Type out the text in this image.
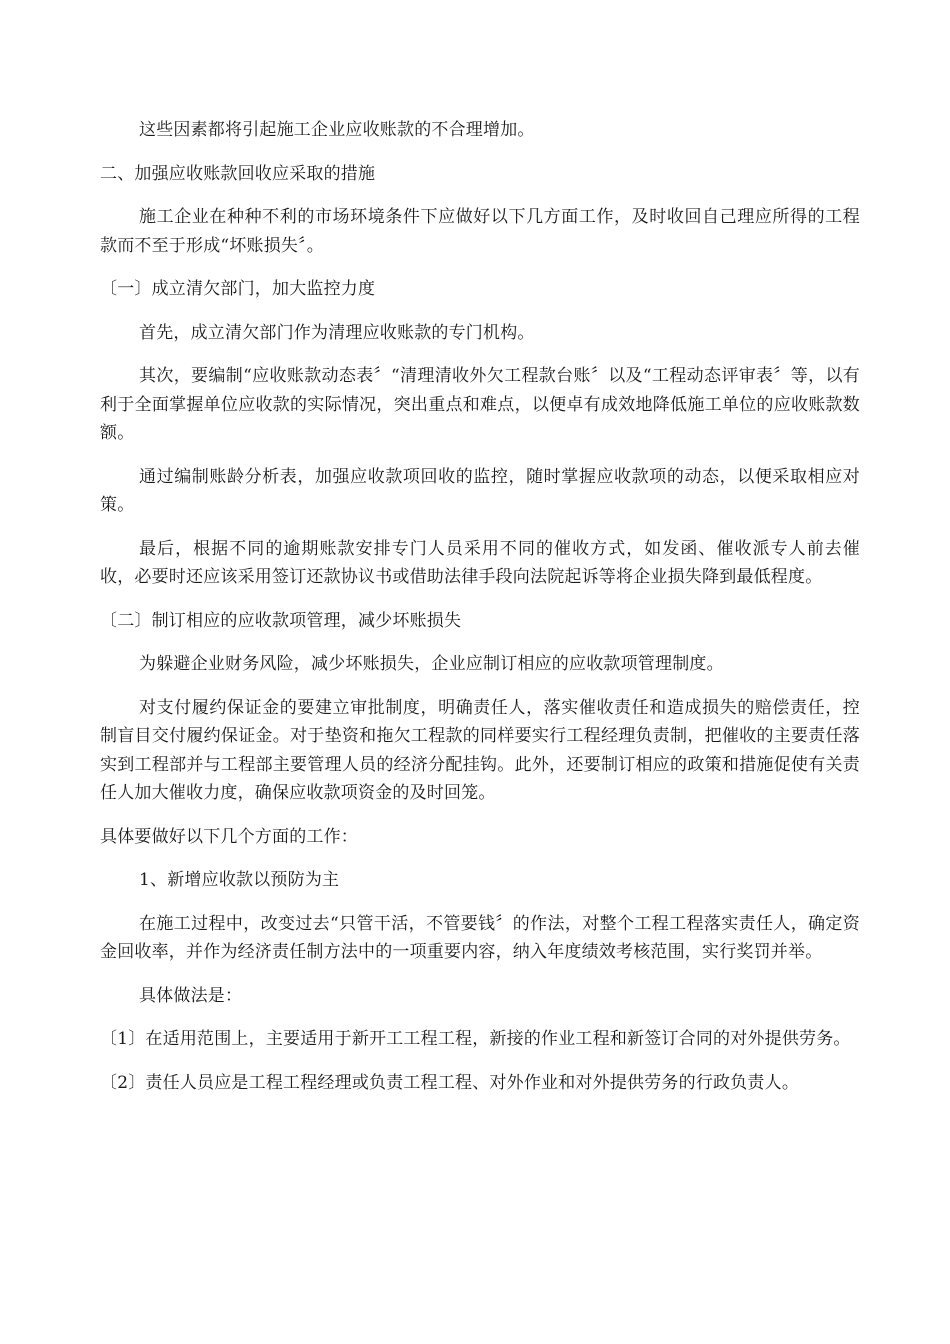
这些因素都将引起施工企业应收账款的不合理增加。

二、加强应收账款回收应采取的措施

施工企业在种种不利的市场环境条件下应做好以下几方面工作，及时收回自己理应所得的工程款而不至于形成“坏账损失〞。

〔一〕成立清欠部门，加大监控力度

首先，成立清欠部门作为清理应收账款的专门机构。

其次，要编制“应收账款动态表〞“清理清收外欠工程款台账〞以及“工程动态评审表〞等，以有利于全面掌握单位应收款的实际情况，突出重点和难点，以便卓有成效地降低施工单位的应收账款数额。

通过编制账龄分析表，加强应收款项回收的监控，随时掌握应收款项的动态，以便采取相应对策。

最后，根据不同的逾期账款安排专门人员采用不同的催收方式，如发函、催收派专人前去催收，必要时还应该采用签订还款协议书或借助法律手段向法院起诉等将企业损失降到最低程度。

〔二〕制订相应的应收款项管理，减少坏账损失

为躲避企业财务风险，减少坏账损失，企业应制订相应的应收款项管理制度。

对支付履约保证金的要建立审批制度，明确责任人，落实催收责任和造成损失的赔偿责任，控制盲目交付履约保证金。对于垫资和拖欠工程款的同样要实行工程经理负责制，把催收的主要责任落实到工程部并与工程部主要管理人员的经济分配挂钩。此外，还要制订相应的政策和措施促使有关责任人加大催收力度，确保应收款项资金的及时回笼。

具体要做好以下几个方面的工作：

1、新增应收款以预防为主

在施工过程中，改变过去“只管干活，不管要钱〞的作法，对整个工程工程落实责任人，确定资金回收率，并作为经济责任制方法中的一项重要内容，纳入年度绩效考核范围，实行奖罚并举。

具体做法是：

〔1〕在适用范围上，主要适用于新开工工程工程，新接的作业工程和新签订合同的对外提供劳务。

〔2〕责任人员应是工程工程经理或负责工程工程、对外作业和对外提供劳务的行政负责人。
